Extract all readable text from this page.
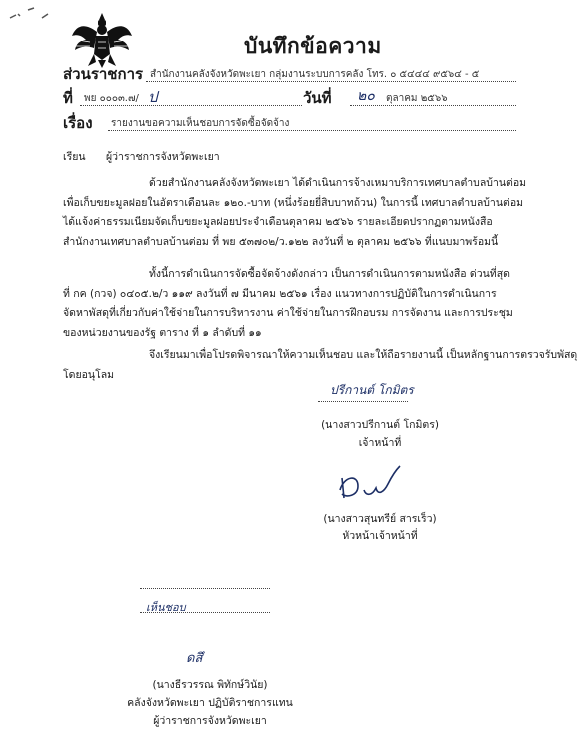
บันทึกข้อความ
ส่วนราชการ สำนักงานคลังจังหวัดพะเยา กลุ่มงานระบบการคลัง โทร. ๐ ๕๔๔๔ ๙๕๖๔ - ๕
ที่ พย ๐๐๐๓.๗/ ป	วันที่ ๒๐ ตุลาคม ๒๕๖๖
เรื่อง รายงานขอความเห็นชอบการจัดซื้อจัดจ้าง
เรียน ผู้ว่าราชการจังหวัดพะเยา
ด้วยสำนักงานคลังจังหวัดพะเยา ได้ดำเนินการจ้างเหมาบริการเทศบาลตำบลบ้านต่อม
เพื่อเก็บขยะมูลฝอยในอัตราเดือนละ ๑๒๐.-บาท (หนึ่งร้อยยี่สิบบาทถ้วน) ในการนี้ เทศบาลตำบลบ้านต่อม
ได้แจ้งค่าธรรมเนียมจัดเก็บขยะมูลฝอยประจำเดือนตุลาคม ๒๕๖๖ รายละเอียดปรากฏตามหนังสือ
สำนักงานเทศบาลตำบลบ้านต่อม ที่ พย ๕๓๗๐๒/ว.๑๒๒ ลงวันที่ ๒ ตุลาคม ๒๕๖๖ ที่แนบมาพร้อมนี้
ทั้งนี้การดำเนินการจัดซื้อจัดจ้างดังกล่าว เป็นการดำเนินการตามหนังสือ ด่วนที่สุด
ที่ กค (กวจ) ๐๔๐๕.๒/ว ๑๑๙ ลงวันที่ ๗ มีนาคม ๒๕๖๑ เรื่อง แนวทางการปฏิบัติในการดำเนินการ
จัดหาพัสดุที่เกี่ยวกับค่าใช้จ่ายในการบริหารงาน ค่าใช้จ่ายในการฝึกอบรม การจัดงาน และการประชุม
ของหน่วยงานของรัฐ ตาราง ที่ ๑ ลำดับที่ ๑๑
จึงเรียนมาเพื่อโปรดพิจารณาให้ความเห็นชอบ และให้ถือรายงานนี้ เป็นหลักฐานการตรวจรับพัสดุ
โดยอนุโลม
ปรีกานต์ โกมิตร
(นางสาวปรีกานต์ โกมิตร)
เจ้าหน้าที่
(นางสาวสุนทรีย์ สารเร็ว)
หัวหน้าเจ้าหน้าที่
เห็นชอบ
ดสึ
(นางธีรวรรณ พิทักษ์วินัย)
คลังจังหวัดพะเยา ปฏิบัติราชการแทน
ผู้ว่าราชการจังหวัดพะเยา
